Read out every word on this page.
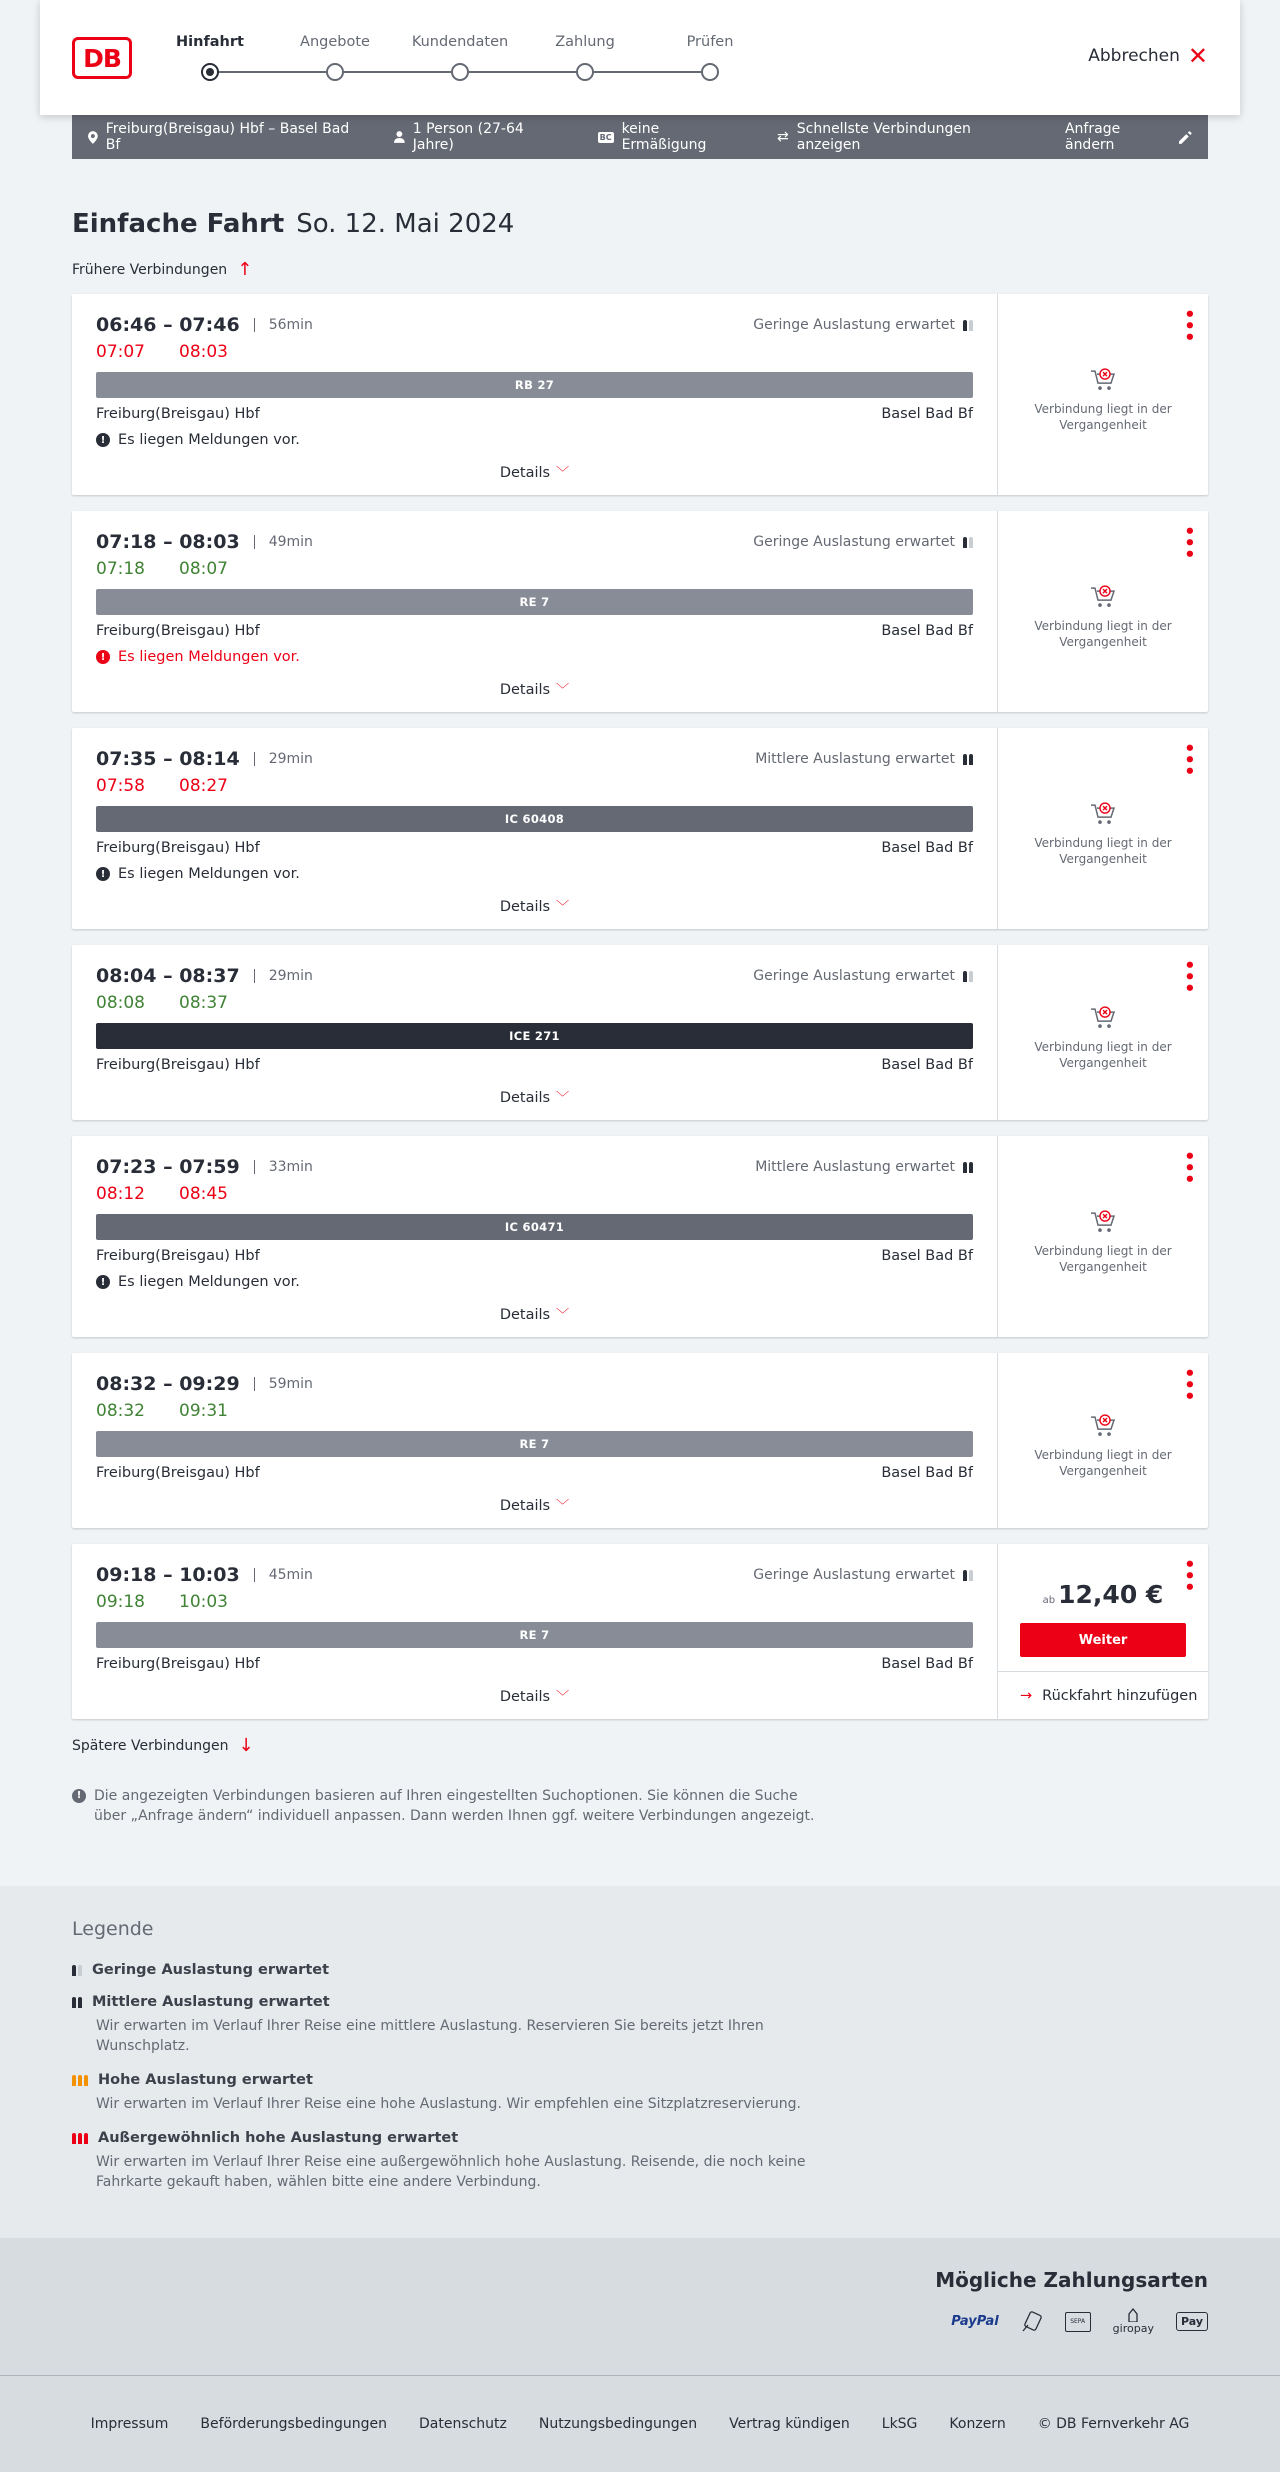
DB
Hinfahrt	Angebote	Kundendaten	Zahlung	Prüfen
Abbrechen ✕
Freiburg(Breisgau) Hbf – Basel Bad Bf
1 Person (27-64 Jahre)	BC keine Ermäßigung	⇄ Schnellste Verbindungen anzeigen
Anfrage ändern
Einfache Fahrt So. 12. Mai 2024
Frühere Verbindungen ↑
06:46 – 07:46	56min	Geringe Auslastung erwartet
07:07 08:03
RB 27
Freiburg(Breisgau) Hbf	Basel Bad Bf
! Es liegen Meldungen vor.
Details ﹀
•••
Verbindung liegt in der Vergangenheit
07:18 – 08:03	49min	Geringe Auslastung erwartet
07:18 08:07
RE 7
Freiburg(Breisgau) Hbf	Basel Bad Bf
! Es liegen Meldungen vor.
Details ﹀
•••
Verbindung liegt in der Vergangenheit
07:35 – 08:14	29min	Mittlere Auslastung erwartet
07:58 08:27
IC 60408
Freiburg(Breisgau) Hbf	Basel Bad Bf
! Es liegen Meldungen vor.
Details ﹀
•••
Verbindung liegt in der Vergangenheit
08:04 – 08:37	29min	Geringe Auslastung erwartet
08:08 08:37
ICE 271
Freiburg(Breisgau) Hbf	Basel Bad Bf
Details ﹀
•••
Verbindung liegt in der Vergangenheit
07:23 – 07:59	33min	Mittlere Auslastung erwartet
08:12 08:45
IC 60471
Freiburg(Breisgau) Hbf	Basel Bad Bf
! Es liegen Meldungen vor.
Details ﹀
•••
Verbindung liegt in der Vergangenheit
08:32 – 09:29	59min
08:32 09:31
RE 7
Freiburg(Breisgau) Hbf	Basel Bad Bf
Details ﹀
•••
Verbindung liegt in der Vergangenheit
09:18 – 10:03	45min	Geringe Auslastung erwartet
09:18 10:03
RE 7
Freiburg(Breisgau) Hbf	Basel Bad Bf
Details ﹀
•••
ab 12,40 €
Weiter
→ Rückfahrt hinzufügen
Spätere Verbindungen ↓
! Die angezeigten Verbindungen basieren auf Ihren eingestellten Suchoptionen. Sie können die Suche über „Anfrage ändern“ individuell anpassen. Dann werden Ihnen ggf. weitere Verbindungen angezeigt.
Legende
Geringe Auslastung erwartet
Mittlere Auslastung erwartet
Wir erwarten im Verlauf Ihrer Reise eine mittlere Auslastung. Reservieren Sie bereits jetzt Ihren Wunschplatz.
Hohe Auslastung erwartet
Wir erwarten im Verlauf Ihrer Reise eine hohe Auslastung. Wir empfehlen eine Sitzplatzreservierung.
Außergewöhnlich hohe Auslastung erwartet
Wir erwarten im Verlauf Ihrer Reise eine außergewöhnlich hohe Auslastung. Reisende, die noch keine Fahrkarte gekauft haben, wählen bitte eine andere Verbindung.
Mögliche Zahlungsarten
PayPal	SEPA
giropay
Pay
Impressum Beförderungsbedingungen Datenschutz Nutzungsbedingungen Vertrag kündigen LkSG Konzern © DB Fernverkehr AG
